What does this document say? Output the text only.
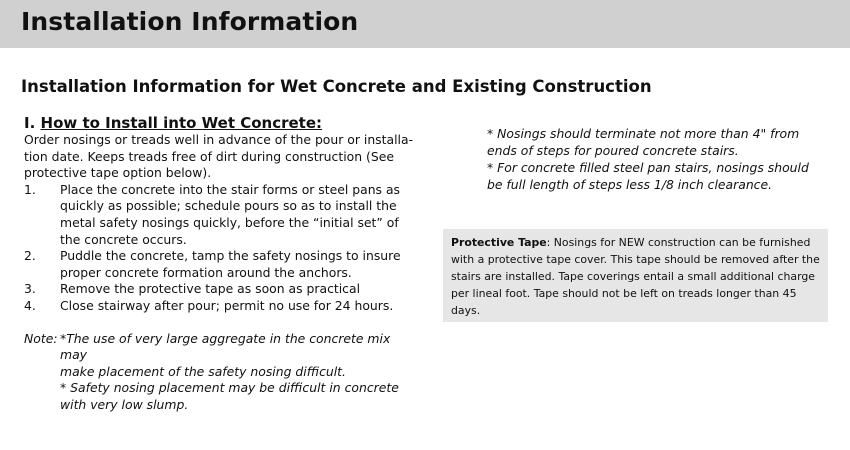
Installation Information
Installation Information for Wet Concrete and Existing Construction
I. How to Install into Wet Concrete:
Order nosings or treads well in advance of the pour or installa-
tion date. Keeps treads free of dirt during construction (See
protective tape option below).
1.	Place the concrete into the stair forms or steel pans as
quickly as possible; schedule pours so as to install the
metal safety nosings quickly, before the “initial set” of
the concrete occurs.
2.	Puddle the concrete, tamp the safety nosings to insure
proper concrete formation around the anchors.
3.	Remove the protective tape as soon as practical
4.	Close stairway after pour; permit no use for 24 hours.
Note: *The use of very large aggregate in the concrete mix may
make placement of the safety nosing difficult.
* Safety nosing placement may be difficult in concrete
with very low slump.
* Nosings should terminate not more than 4" from
ends of steps for poured concrete stairs.
* For concrete filled steel pan stairs, nosings should
be full length of steps less 1/8 inch clearance.
Protective Tape: Nosings for NEW construction can be furnished
with a protective tape cover. This tape should be removed after the
stairs are installed. Tape coverings entail a small additional charge
per lineal foot. Tape should not be left on treads longer than 45
days.
